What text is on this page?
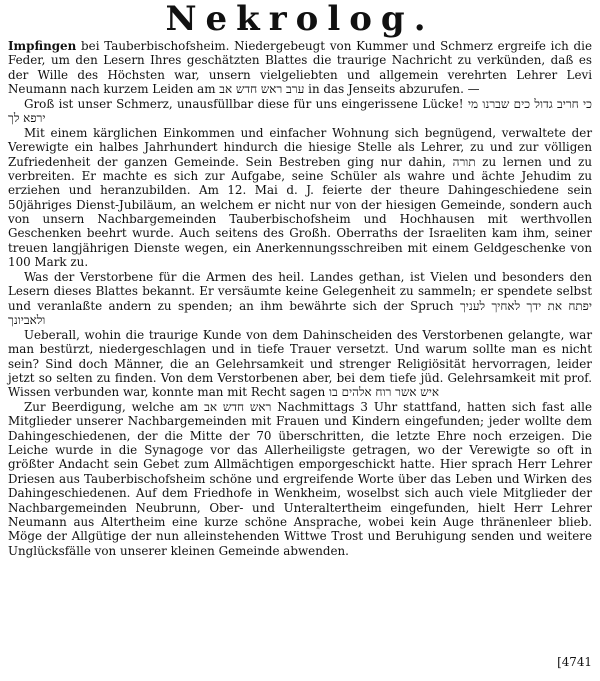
Nekrolog.

Impfingen bei Tauberbischofsheim. Niedergebeugt von Kummer und Schmerz ergreife ich die Feder, um den Lesern Ihres geschätzten Blattes die traurige Nachricht zu verkünden, daß es der Wille des Höchsten war, unsern vielgeliebten und allgemein verehrten Lehrer Levi Neumann nach kurzem Leiden am ערב ראש חדש אב in das Jenseits abzurufen. —

Groß ist unser Schmerz, unausfüllbar diese für uns eingerissene Lücke! כי חריב גדול כים שברנו מי ירפא לך

Mit einem kärglichen Einkommen und einfacher Wohnung sich begnügend, verwaltete der Verewigte ein halbes Jahrhundert hindurch die hiesige Stelle als Lehrer, zu und zur völligen Zufriedenheit der ganzen Gemeinde. Sein Bestreben ging nur dahin, תורה zu lernen und zu verbreiten. Er machte es sich zur Aufgabe, seine Schüler als wahre und ächte Jehudim zu erziehen und heranzubilden. Am 12. Mai d. J. feierte der theure Dahingeschiedene sein 50jähriges Dienst-Jubiläum, an welchem er nicht nur von der hiesigen Gemeinde, sondern auch von unsern Nachbargemeinden Tauberbischofsheim und Hochhausen mit werthvollen Geschenken beehrt wurde. Auch seitens des Großh. Oberraths der Israeliten kam ihm, seiner treuen langjährigen Dienste wegen, ein Anerkennungsschreiben mit einem Geldgeschenke von 100 Mark zu.

Was der Verstorbene für die Armen des heil. Landes gethan, ist Vielen und besonders den Lesern dieses Blattes bekannt. Er versäumte keine Gelegenheit zu sammeln; er spendete selbst und veranlaßte andern zu spenden; an ihm bewährte sich der Spruch יפתח את ידך לאחיך לעניך ולאביונך

Ueberall, wohin die traurige Kunde von dem Dahinscheiden des Verstorbenen gelangte, war man bestürzt, niedergeschlagen und in tiefe Trauer versetzt. Und warum sollte man es nicht sein? Sind doch Männer, die an Gelehrsamkeit und strenger Religiösität hervorragen, leider jetzt so selten zu finden. Von dem Verstorbenen aber, bei dem tiefe jüd. Gelehrsamkeit mit prof. Wissen verbunden war, konnte man mit Recht sagen איש אשר רוח אלהים בו

Zur Beerdigung, welche am ראש חדש אב Nachmittags 3 Uhr stattfand, hatten sich fast alle Mitglieder unserer Nachbargemeinden mit Frauen und Kindern eingefunden; jeder wollte dem Dahingeschiedenen, der die Mitte der 70 überschritten, die letzte Ehre noch erzeigen. Die Leiche wurde in die Synagoge vor das Allerheiligste getragen, wo der Verewigte so oft in größter Andacht sein Gebet zum Allmächtigen emporgeschickt hatte. Hier sprach Herr Lehrer Driesen aus Tauberbischofsheim schöne und ergreifende Worte über das Leben und Wirken des Dahingeschiedenen. Auf dem Friedhofe in Wenkheim, woselbst sich auch viele Mitglieder der Nachbargemeinden Neubrunn, Ober- und Unteraltertheim eingefunden, hielt Herr Lehrer Neumann aus Altertheim eine kurze schöne Ansprache, wobei kein Auge thränenleer blieb. Möge der Allgütige der nun alleinstehenden Wittwe Trost und Beruhigung senden und weitere Unglücksfälle von unserer kleinen Gemeinde abwenden.

[4741
